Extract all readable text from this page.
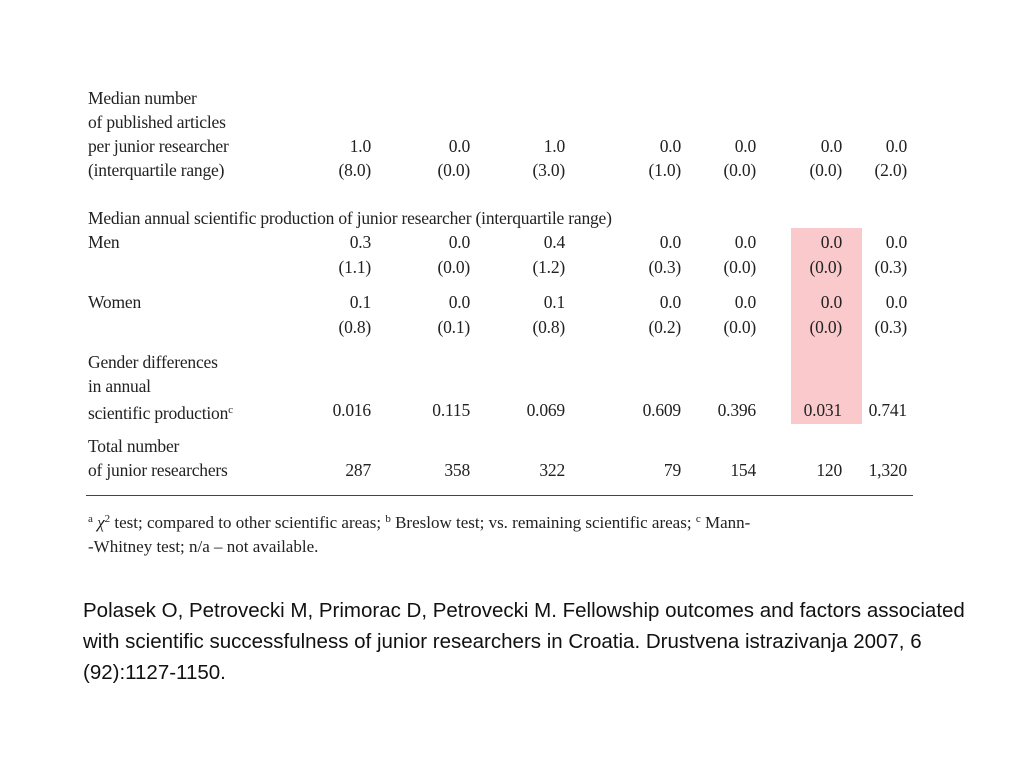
Median number
of published articles
per junior researcher
(interquartile range)
1.0	0.0	1.0	0.0	0.0	0.0 0.0
(8.0)	(0.0)	(3.0)	(1.0) (0.0)	(0.0) (2.0)
Median annual scientific production of junior researcher (interquartile range)
Men	0.3	0.0	0.4	0.0	0.0	0.0 0.0
(1.1)	(0.0)	(1.2)	(0.3) (0.0)	(0.0) (0.3)
Women	0.1	0.0	0.1	0.0	0.0	0.0 0.0
(0.8)	(0.1)	(0.8)	(0.2) (0.0)	(0.0) (0.3)
Gender differences
in annual
scientific production$^c$	0.016	0.115	0.069	0.609 0.396	0.031 0.741
Total number
of junior researchers	287	358	322	79	154	120 1,320
$^a$ $\chi^2$ test; compared to other scientific areas; $^b$ Breslow test; vs. remaining scientific areas; $^c$ Mann-
-Whitney test; n/a – not available.
Polasek O, Petrovecki M, Primorac D, Petrovecki M. Fellowship outcomes and factors associated with scientific successfulness of junior researchers in Croatia. Drustvena istrazivanja 2007, 6 (92):1127-1150.
